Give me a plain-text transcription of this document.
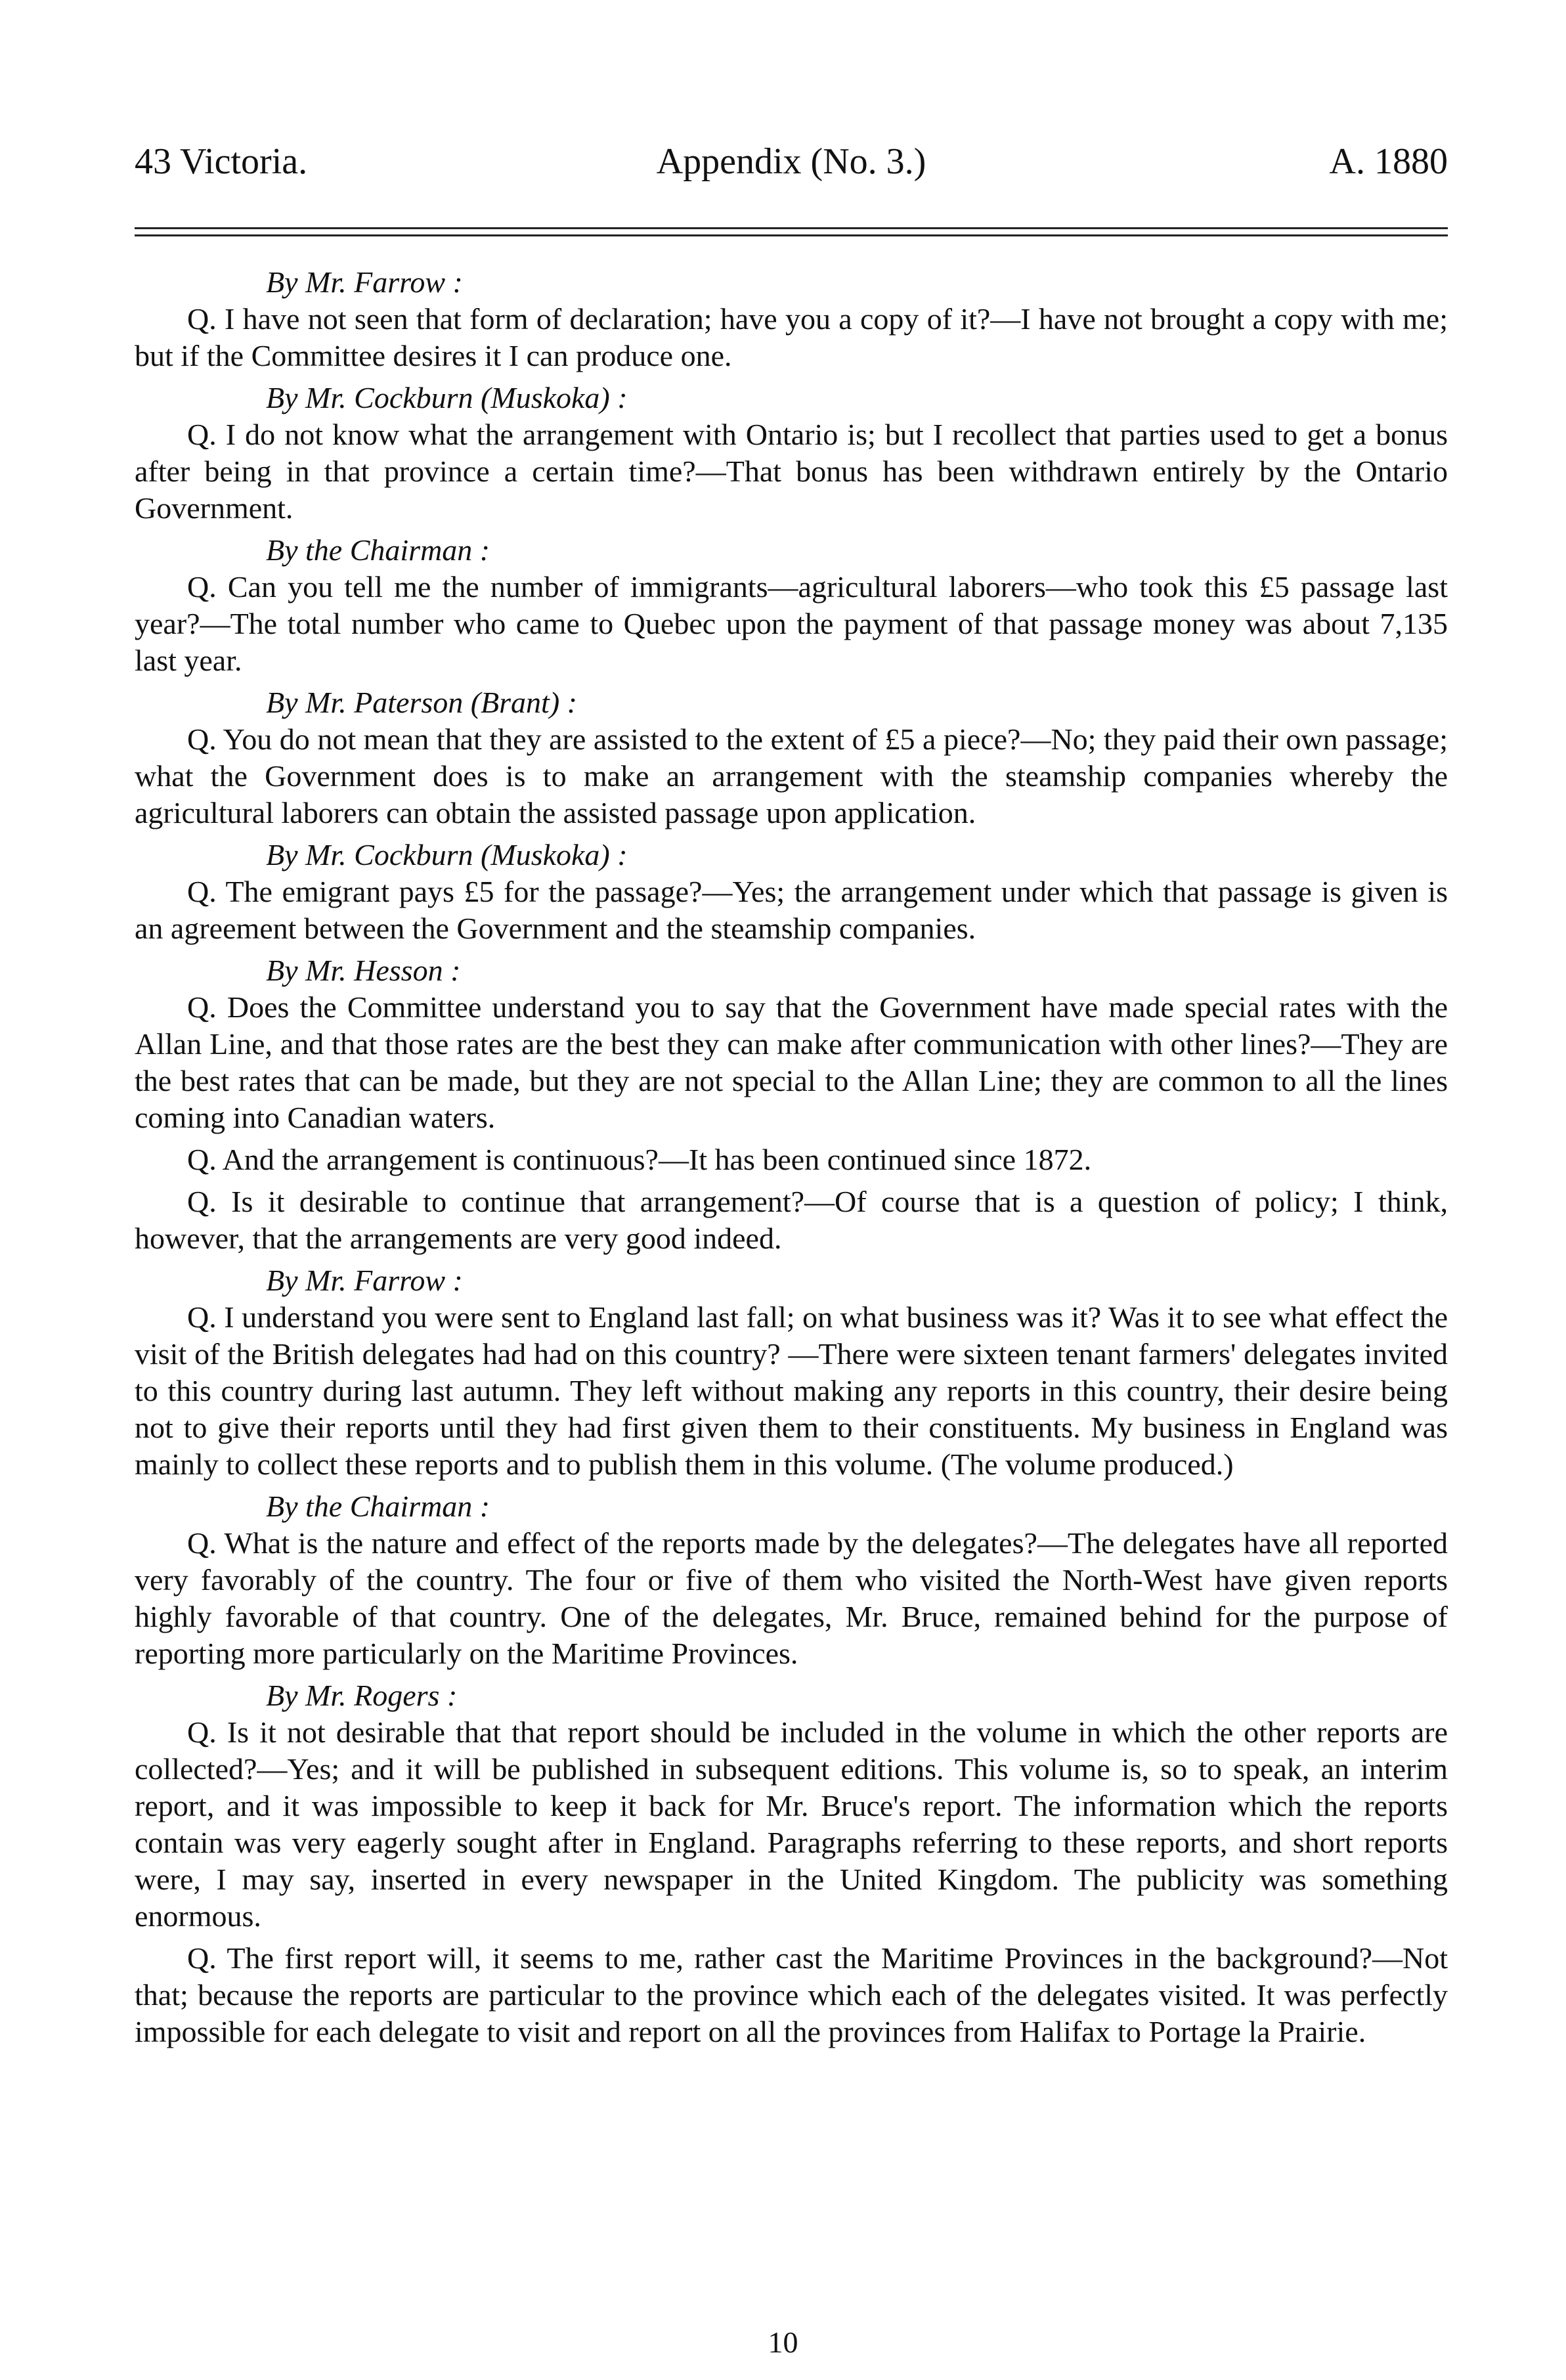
43 Victoria.	Appendix (No. 3.)	A. 1880

By Mr. Farrow :

Q. I have not seen that form of declaration; have you a copy of it?—I have not brought a copy with me; but if the Committee desires it I can produce one.

By Mr. Cockburn (Muskoka) :

Q. I do not know what the arrangement with Ontario is; but I recollect that parties used to get a bonus after being in that province a certain time?—That bonus has been withdrawn entirely by the Ontario Government.

By the Chairman :

Q. Can you tell me the number of immigrants—agricultural laborers—who took this £5 passage last year?—The total number who came to Quebec upon the payment of that passage money was about 7,135 last year.

By Mr. Paterson (Brant) :

Q. You do not mean that they are assisted to the extent of £5 a piece?—No; they paid their own passage; what the Government does is to make an arrangement with the steamship companies whereby the agricultural laborers can obtain the assisted passage upon application.

By Mr. Cockburn (Muskoka) :

Q. The emigrant pays £5 for the passage?—Yes; the arrangement under which that passage is given is an agreement between the Government and the steamship companies.

By Mr. Hesson :

Q. Does the Committee understand you to say that the Government have made special rates with the Allan Line, and that those rates are the best they can make after communication with other lines?—They are the best rates that can be made, but they are not special to the Allan Line; they are common to all the lines coming into Canadian waters.

Q. And the arrangement is continuous?—It has been continued since 1872.

Q. Is it desirable to continue that arrangement?—Of course that is a question of policy; I think, however, that the arrangements are very good indeed.

By Mr. Farrow :

Q. I understand you were sent to England last fall; on what business was it? Was it to see what effect the visit of the British delegates had had on this country? —There were sixteen tenant farmers' delegates invited to this country during last autumn. They left without making any reports in this country, their desire being not to give their reports until they had first given them to their constituents. My business in England was mainly to collect these reports and to publish them in this volume. (The volume produced.)

By the Chairman :

Q. What is the nature and effect of the reports made by the delegates?—The delegates have all reported very favorably of the country. The four or five of them who visited the North-West have given reports highly favorable of that country. One of the delegates, Mr. Bruce, remained behind for the purpose of reporting more particularly on the Maritime Provinces.

By Mr. Rogers :

Q. Is it not desirable that that report should be included in the volume in which the other reports are collected?—Yes; and it will be published in subsequent editions. This volume is, so to speak, an interim report, and it was impossible to keep it back for Mr. Bruce's report. The information which the reports contain was very eagerly sought after in England. Paragraphs referring to these reports, and short reports were, I may say, inserted in every newspaper in the United Kingdom. The publicity was something enormous.

Q. The first report will, it seems to me, rather cast the Maritime Provinces in the background?—Not that; because the reports are particular to the province which each of the delegates visited. It was perfectly impossible for each delegate to visit and report on all the provinces from Halifax to Portage la Prairie.

10
